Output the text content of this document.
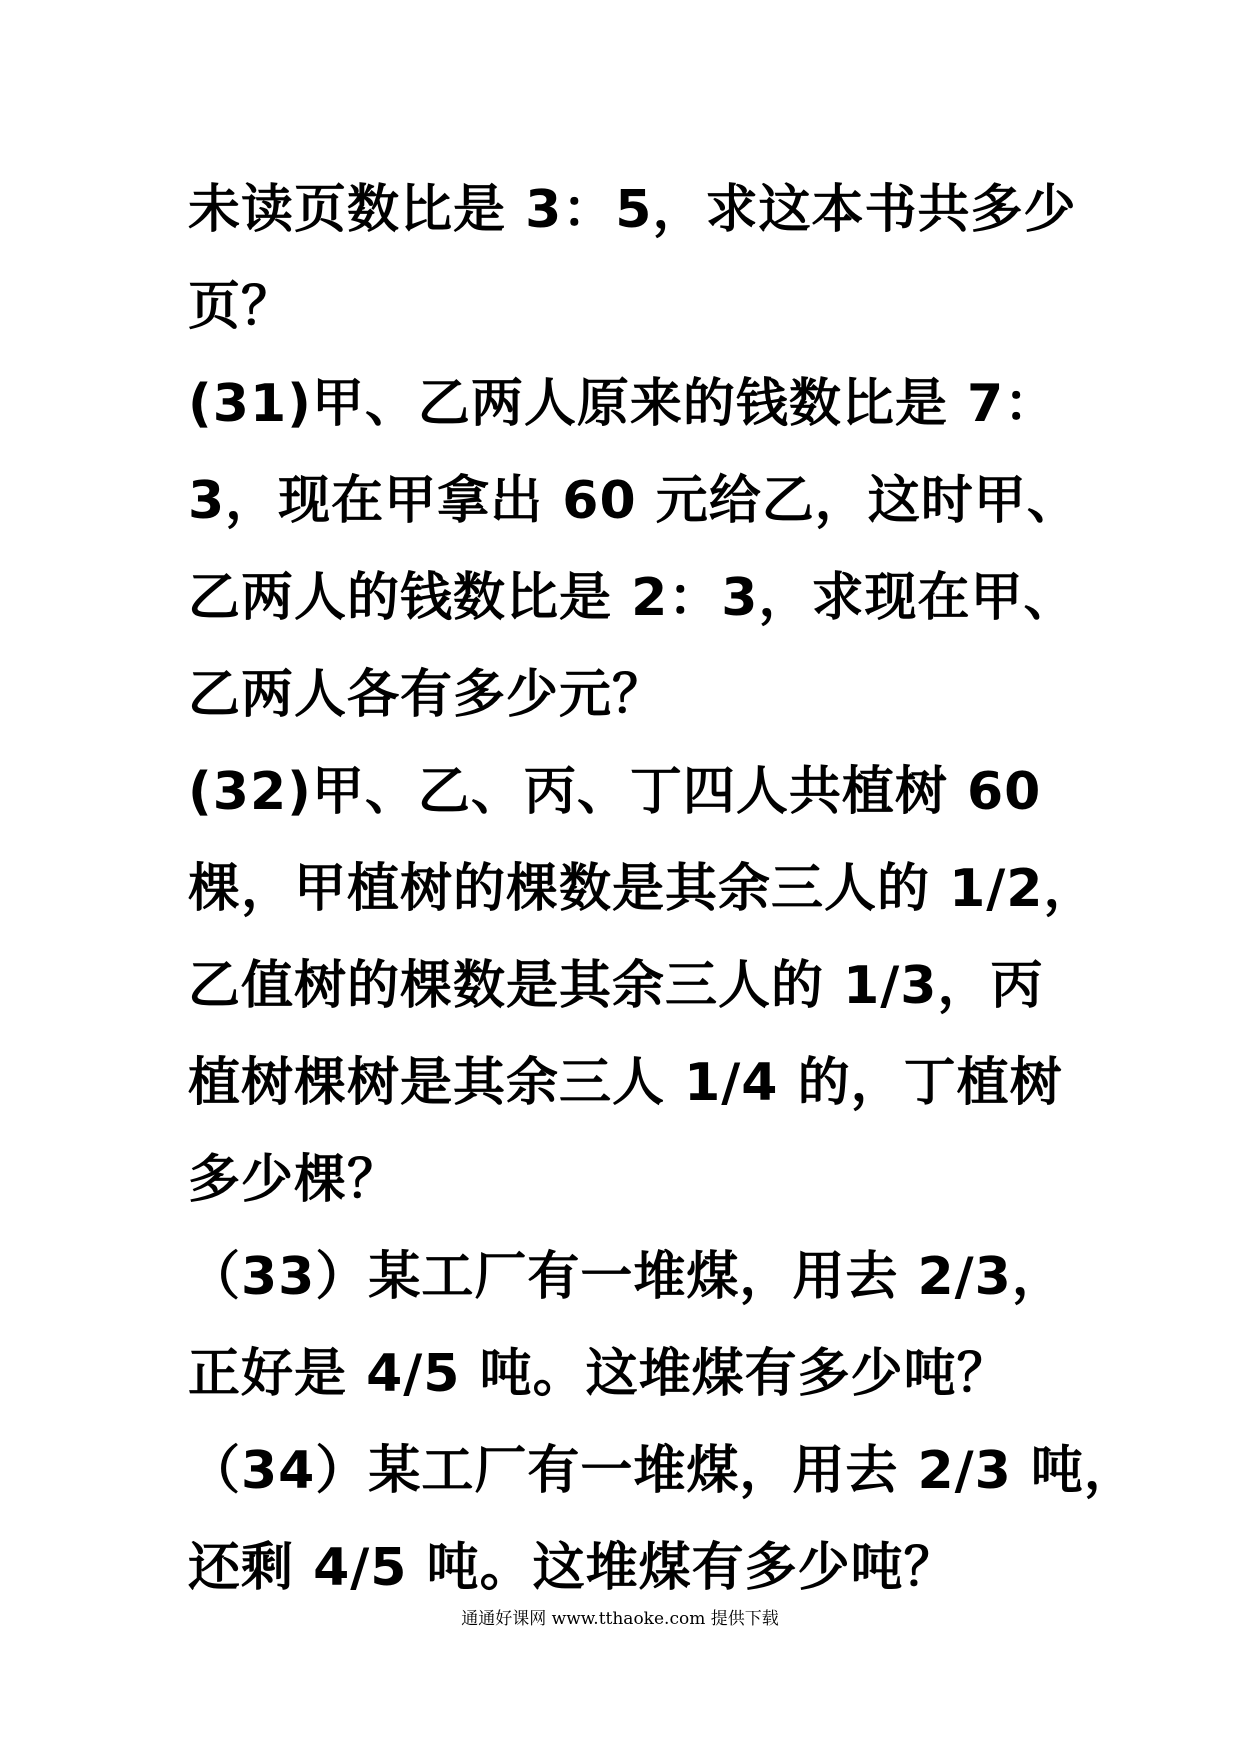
未读页数比是 3：5，求这本书共多少
页？
(31)甲、乙两人原来的钱数比是 7：
3，现在甲拿出 60 元给乙，这时甲、
乙两人的钱数比是 2：3，求现在甲、
乙两人各有多少元？
(32)甲、乙、丙、丁四人共植树 60
棵，甲植树的棵数是其余三人的 1/2，
乙值树的棵数是其余三人的 1/3，丙
植树棵树是其余三人 1/4 的，丁植树
多少棵？
（33）某工厂有一堆煤，用去 2/3，
正好是 4/5 吨。这堆煤有多少吨？
（34）某工厂有一堆煤，用去 2/3 吨，
还剩 4/5 吨。这堆煤有多少吨？
通通好课网 www.tthaoke.com 提供下载
